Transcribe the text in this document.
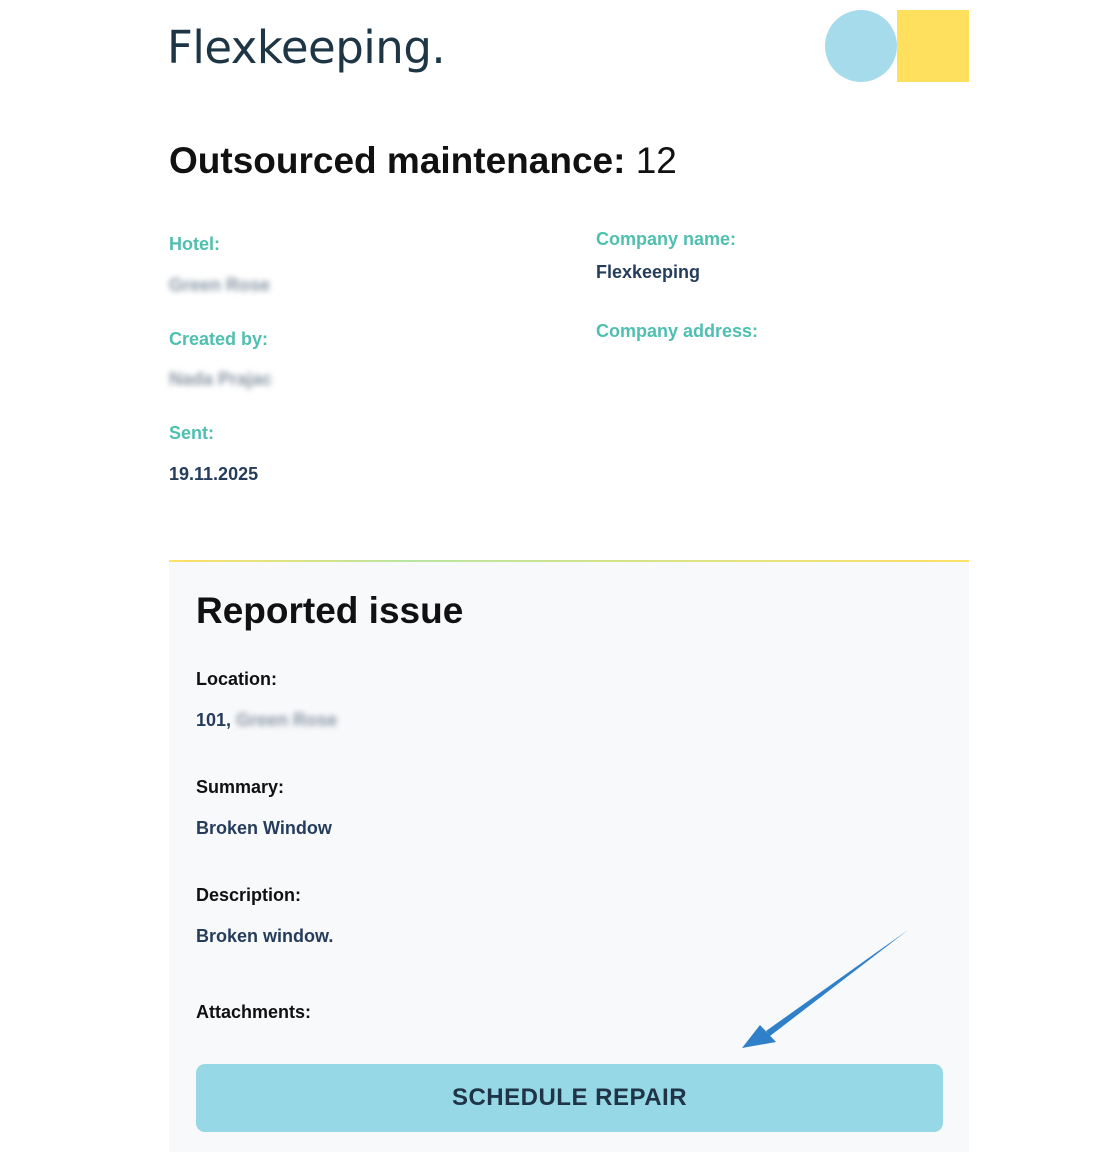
Flexkeeping.
Outsourced maintenance: 12
Hotel:
Green Rose
Created by:
Nada Prajac
Sent:
19.11.2025
Company name:
Flexkeeping
Company address:
Reported issue
Location:
101, Green Rose
Summary:
Broken Window
Description:
Broken window.
Attachments:
SCHEDULE REPAIR
